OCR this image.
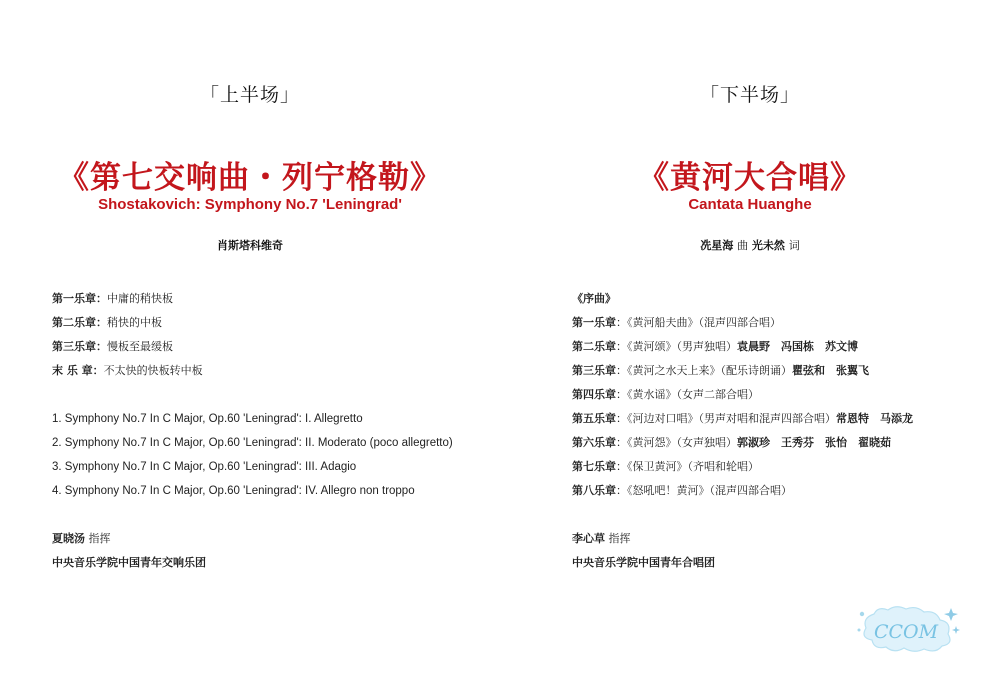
「上半场」
《第七交响曲・列宁格勒》
Shostakovich: Symphony No.7 'Leningrad'
肖斯塔科维奇
第一乐章：中庸的稍快板
第二乐章：稍快的中板
第三乐章：慢板至最缓板
末 乐 章：不太快的快板转中板
1. Symphony No.7 In C Major, Op.60 'Leningrad': I. Allegretto
2. Symphony No.7 In C Major, Op.60 'Leningrad': II. Moderato (poco allegretto)
3. Symphony No.7 In C Major, Op.60 'Leningrad': III. Adagio
4. Symphony No.7 In C Major, Op.60 'Leningrad': IV. Allegro non troppo
夏晓汤 指挥
中央音乐学院中国青年交响乐团
「下半场」
《黄河大合唱》
Cantata Huanghe
冼星海 曲 光未然 词
《序曲》
第一乐章：《黄河船夫曲》（混声四部合唱）
第二乐章：《黄河颂》（男声独唱）袁晨野　冯国栋　苏文博
第三乐章：《黄河之水天上来》（配乐诗朗诵）瞿弦和　张翼飞
第四乐章：《黄水谣》（女声二部合唱）
第五乐章：《河边对口唱》（男声对唱和混声四部合唱）常恩特　马添龙
第六乐章：《黄河怨》（女声独唱）郭淑珍　王秀芬　张怡　翟晓茹
第七乐章：《保卫黄河》（齐唱和轮唱）
第八乐章：《怒吼吧！黄河》（混声四部合唱）
李心草 指挥
中央音乐学院中国青年合唱团
CCOM
